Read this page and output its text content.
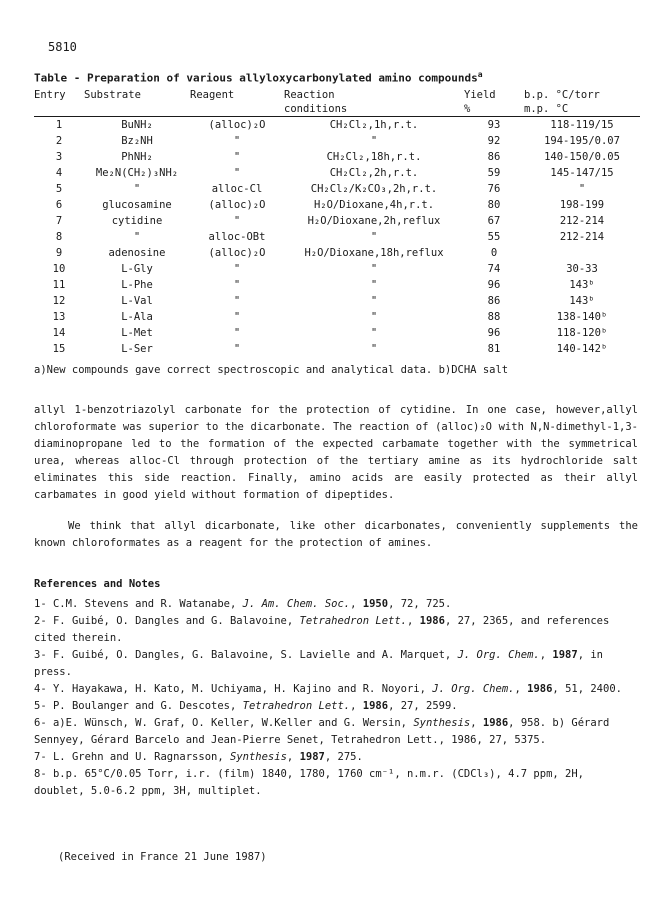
5810
Table - Preparation of various allyloxycarbonylated amino compounds$^a$
Entry	Substrate	Reagent	Reaction	Yield	b.p. °C/torr
			conditions	%	m.p. °C
1	BuNH₂	(alloc)₂O	CH₂Cl₂,1h,r.t.	93	118-119/15
2	Bz₂NH	"	"	92	194-195/0.07
3	PhNH₂	"	CH₂Cl₂,18h,r.t.	86	140-150/0.05
4	Me₂N(CH₂)₃NH₂	"	CH₂Cl₂,2h,r.t.	59	145-147/15
5	"	alloc-Cl	CH₂Cl₂/K₂CO₃,2h,r.t.	76	"
6	glucosamine	(alloc)₂O	H₂O/Dioxane,4h,r.t.	80	198-199
7	cytidine	"	H₂O/Dioxane,2h,reflux	67	212-214
8	"	alloc-OBt	"	55	212-214
9	adenosine	(alloc)₂O	H₂O/Dioxane,18h,reflux	0	
10	L-Gly	"	"	74	30-33
11	L-Phe	"	"	96	143ᵇ
12	L-Val	"	"	86	143ᵇ
13	L-Ala	"	"	88	138-140ᵇ
14	L-Met	"	"	96	118-120ᵇ
15	L-Ser	"	"	81	140-142ᵇ
a)New compounds gave correct spectroscopic and analytical data. b)DCHA salt
allyl 1-benzotriazolyl carbonate for the protection of cytidine. In one case, however,allyl chloroformate was superior to the dicarbonate. The reaction of (alloc)₂O with N,N-dimethyl-1,3-diaminopropane led to the formation of the expected carbamate together with the symmetrical urea, whereas alloc-Cl through protection of the tertiary amine as its hydrochloride salt eliminates this side reaction. Finally, amino acids are easily protected as their allyl carbamates in good yield without formation of dipeptides.
We think that allyl dicarbonate, like other dicarbonates, conveniently supplements the known chloroformates as a reagent for the protection of amines.
References and Notes
1- C.M. Stevens and R. Watanabe, J. Am. Chem. Soc., 1950, 72, 725.
2- F. Guibé, O. Dangles and G. Balavoine, Tetrahedron Lett., 1986, 27, 2365, and references cited therein.
3- F. Guibé, O. Dangles, G. Balavoine, S. Lavielle and A. Marquet, J. Org. Chem., 1987, in press.
4- Y. Hayakawa, H. Kato, M. Uchiyama, H. Kajino and R. Noyori, J. Org. Chem., 1986, 51, 2400.
5- P. Boulanger and G. Descotes, Tetrahedron Lett., 1986, 27, 2599.
6- a)E. Wünsch, W. Graf, O. Keller, W.Keller and G. Wersin, Synthesis, 1986, 958. b) Gérard Sennyey, Gérard Barcelo and Jean-Pierre Senet, Tetrahedron Lett., 1986, 27, 5375.
7- L. Grehn and U. Ragnarsson, Synthesis, 1987, 275.
8- b.p. 65°C/0.05 Torr, i.r. (film) 1840, 1780, 1760 cm⁻¹, n.m.r. (CDCl₃), 4.7 ppm, 2H, doublet, 5.0-6.2 ppm, 3H, multiplet.
(Received in France 21 June 1987)
